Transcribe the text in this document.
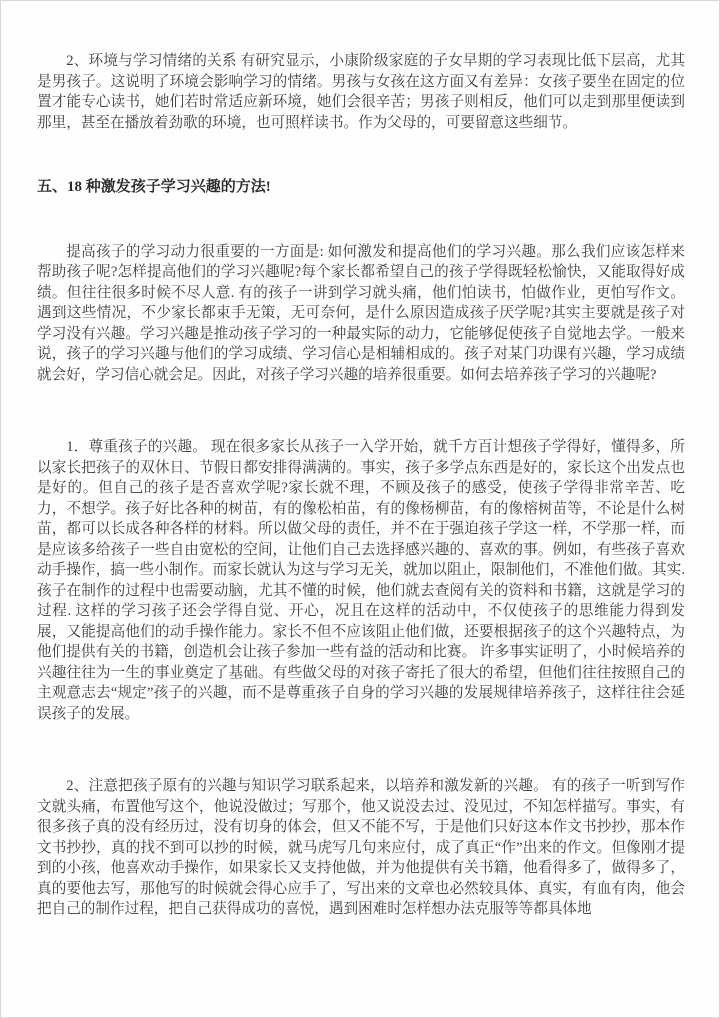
2、环境与学习情绪的关系 有研究显示，小康阶级家庭的子女早期的学习表现比低下层高，尤其是男孩子。这说明了环境会影响学习的情绪。男孩与女孩在这方面又有差异：女孩子要坐在固定的位置才能专心读书，她们若时常适应新环境，她们会很辛苦；男孩子则相反，他们可以走到那里便读到那里，甚至在播放着劲歌的环境，也可照样读书。作为父母的，可要留意这些细节。

五、18 种激发孩子学习兴趣的方法!

提高孩子的学习动力很重要的一方面是: 如何激发和提高他们的学习兴趣。那么我们应该怎样来帮助孩子呢?怎样提高他们的学习兴趣呢?每个家长都希望自己的孩子学得既轻松愉快，又能取得好成绩。但往往很多时候不尽人意. 有的孩子一讲到学习就头痛，他们怕读书，怕做作业，更怕写作文。遇到这些情况，不少家长都束手无策，无可奈何，是什么原因造成孩子厌学呢?其实主要就是孩子对学习没有兴趣。学习兴趣是推动孩子学习的一种最实际的动力，它能够促使孩子自觉地去学。一般来说，孩子的学习兴趣与他们的学习成绩、学习信心是相辅相成的。孩子对某门功课有兴趣，学习成绩就会好，学习信心就会足。因此，对孩子学习兴趣的培养很重要。如何去培养孩子学习的兴趣呢?

1．尊重孩子的兴趣。 现在很多家长从孩子一入学开始，就千方百计想孩子学得好，懂得多，所以家长把孩子的双休日、节假日都安排得满满的。事实，孩子多学点东西是好的，家长这个出发点也是好的。但自己的孩子是否喜欢学呢?家长就不理，不顾及孩子的感受，使孩子学得非常辛苦、吃力，不想学。孩子好比各种的树苗，有的像松柏苗，有的像杨柳苗，有的像榕树苗等，不论是什么树苗，都可以长成各种各样的材料。所以做父母的责任，并不在于强迫孩子学这一样，不学那一样，而是应该多给孩子一些自由宽松的空间，让他们自己去选择感兴趣的、喜欢的事。例如，有些孩子喜欢动手操作，搞一些小制作。而家长就认为这与学习无关，就加以阻止，限制他们，不准他们做。其实. 孩子在制作的过程中也需要动脑，尤其不懂的时候，他们就去查阅有关的资料和书籍，这就是学习的过程. 这样的学习孩子还会学得自觉、开心，况且在这样的活动中，不仅使孩子的思维能力得到发展，又能提高他们的动手操作能力。家长不但不应该阻止他们做，还要根据孩子的这个兴趣特点，为他们提供有关的书籍，创造机会让孩子参加一些有益的活动和比赛。 许多事实证明了，小时候培养的兴趣往往为一生的事业奠定了基础。有些做父母的对孩子寄托了很大的希望，但他们往往按照自己的主观意志去“规定”孩子的兴趣，而不是尊重孩子自身的学习兴趣的发展规律培养孩子，这样往往会延误孩子的发展。

2、注意把孩子原有的兴趣与知识学习联系起来，以培养和激发新的兴趣。 有的孩子一听到写作文就头痛，布置他写这个，他说没做过；写那个，他又说没去过、没见过，不知怎样描写。事实，有很多孩子真的没有经历过，没有切身的体会，但又不能不写，于是他们只好这本作文书抄抄，那本作文书抄抄，真的找不到可以抄的时候，就马虎写几句来应付，成了真正“作”出来的作文。但像刚才提到的小孩，他喜欢动手操作，如果家长又支持他做，并为他提供有关书籍，他看得多了，做得多了，真的要他去写，那他写的时候就会得心应手了，写出来的文章也必然较具体、真实，有血有肉，他会把自己的制作过程，把自己获得成功的喜悦，遇到困难时怎样想办法克服等等都具体地
